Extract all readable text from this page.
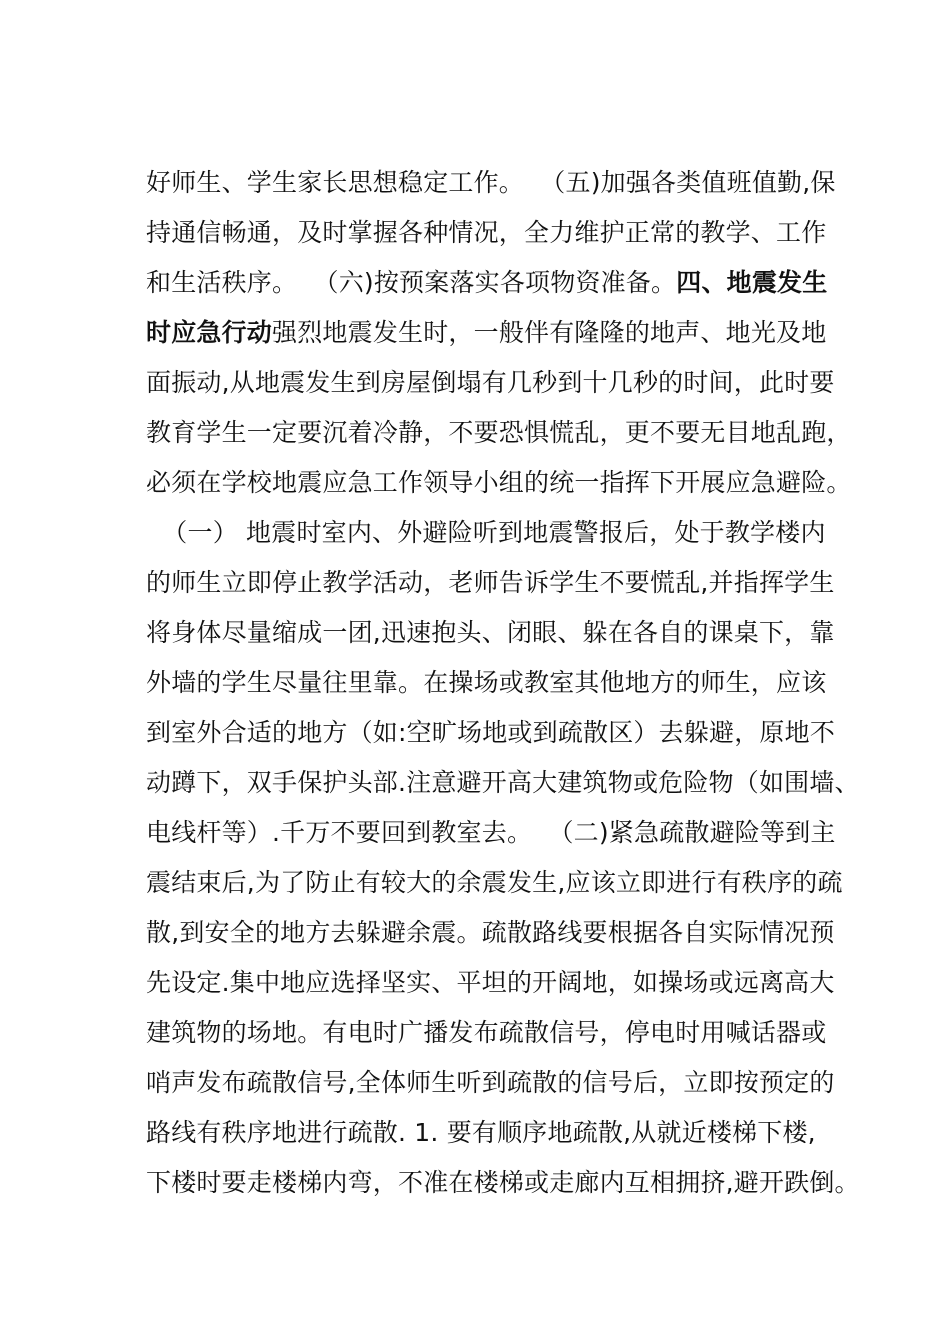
好师生、学生家长思想稳定工作。  （五)加强各类值班值勤,保
持通信畅通，及时掌握各种情况，全力维护正常的教学、工作
和生活秩序。  （六)按预案落实各项物资准备。四、地震发生
时应急行动强烈地震发生时，一般伴有隆隆的地声、地光及地
面振动,从地震发生到房屋倒塌有几秒到十几秒的时间，此时要
教育学生一定要沉着冷静，不要恐惧慌乱，更不要无目地乱跑，
必须在学校地震应急工作领导小组的统一指挥下开展应急避险。
（一） 地震时室内、外避险听到地震警报后，处于教学楼内
的师生立即停止教学活动，老师告诉学生不要慌乱,并指挥学生
将身体尽量缩成一团,迅速抱头、闭眼、躲在各自的课桌下，靠
外墙的学生尽量往里靠。在操场或教室其他地方的师生，应该
到室外合适的地方（如:空旷场地或到疏散区）去躲避，原地不
动蹲下，双手保护头部.注意避开高大建筑物或危险物（如围墙、
电线杆等）.千万不要回到教室去。  （二)紧急疏散避险等到主
震结束后,为了防止有较大的余震发生,应该立即进行有秩序的疏
散,到安全的地方去躲避余震。疏散路线要根据各自实际情况预
先设定.集中地应选择坚实、平坦的开阔地，如操场或远离高大
建筑物的场地。有电时广播发布疏散信号，停电时用喊话器或
哨声发布疏散信号,全体师生听到疏散的信号后，立即按预定的
路线有秩序地进行疏散. 1. 要有顺序地疏散,从就近楼梯下楼,
下楼时要走楼梯内弯，不准在楼梯或走廊内互相拥挤,避开跌倒。
